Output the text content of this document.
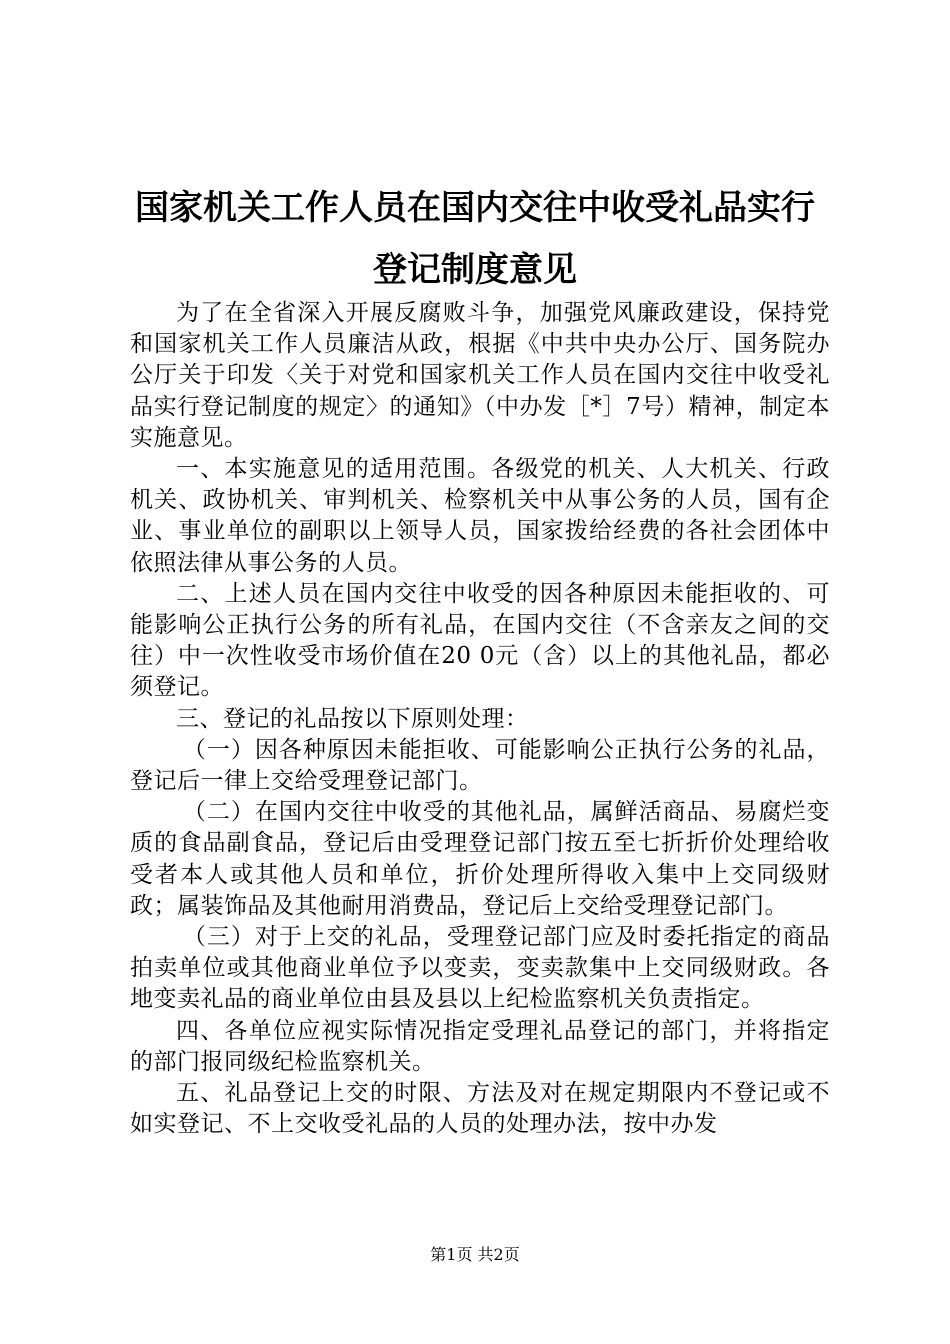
国家机关工作人员在国内交往中收受礼品实行
登记制度意见

为了在全省深入开展反腐败斗争，加强党风廉政建设，保持党和国家机关工作人员廉洁从政，根据《中共中央办公厅、国务院办公厅关于印发〈关于对党和国家机关工作人员在国内交往中收受礼品实行登记制度的规定〉的通知》（中办发［*］7号）精神，制定本实施意见。

一、本实施意见的适用范围。各级党的机关、人大机关、行政机关、政协机关、审判机关、检察机关中从事公务的人员，国有企业、事业单位的副职以上领导人员，国家拨给经费的各社会团体中依照法律从事公务的人员。

二、上述人员在国内交往中收受的因各种原因未能拒收的、可能影响公正执行公务的所有礼品，在国内交往（不含亲友之间的交往）中一次性收受市场价值在20 0元（含）以上的其他礼品，都必须登记。

三、登记的礼品按以下原则处理：

（一）因各种原因未能拒收、可能影响公正执行公务的礼品，登记后一律上交给受理登记部门。

（二）在国内交往中收受的其他礼品，属鲜活商品、易腐烂变质的食品副食品，登记后由受理登记部门按五至七折折价处理给收受者本人或其他人员和单位，折价处理所得收入集中上交同级财政；属装饰品及其他耐用消费品，登记后上交给受理登记部门。

（三）对于上交的礼品，受理登记部门应及时委托指定的商品拍卖单位或其他商业单位予以变卖，变卖款集中上交同级财政。各地变卖礼品的商业单位由县及县以上纪检监察机关负责指定。

四、各单位应视实际情况指定受理礼品登记的部门，并将指定的部门报同级纪检监察机关。

五、礼品登记上交的时限、方法及对在规定期限内不登记或不如实登记、不上交收受礼品的人员的处理办法，按中办发

第1页 共2页
